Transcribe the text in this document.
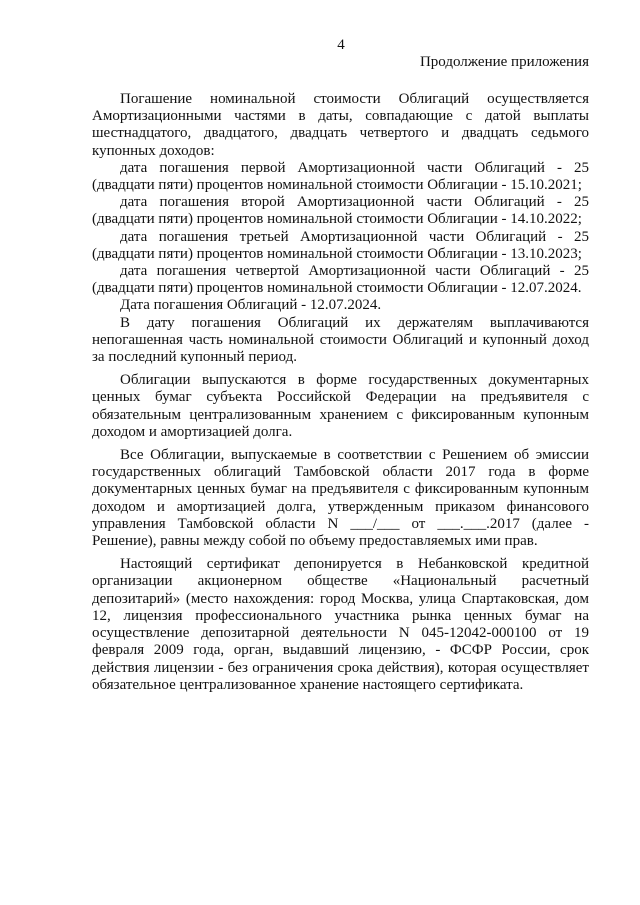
4
Продолжение приложения

Погашение номинальной стоимости Облигаций осуществляется Амортизационными частями в даты, совпадающие с датой выплаты шестнадцатого, двадцатого, двадцать четвертого и двадцать седьмого купонных доходов:

дата погашения первой Амортизационной части Облигаций - 25 (двадцати пяти) процентов номинальной стоимости Облигации - 15.10.2021;

дата погашения второй Амортизационной части Облигаций - 25 (двадцати пяти) процентов номинальной стоимости Облигации - 14.10.2022;

дата погашения третьей Амортизационной части Облигаций - 25 (двадцати пяти) процентов номинальной стоимости Облигации - 13.10.2023;

дата погашения четвертой Амортизационной части Облигаций - 25 (двадцати пяти) процентов номинальной стоимости Облигации - 12.07.2024.

Дата погашения Облигаций - 12.07.2024.

В дату погашения Облигаций их держателям выплачиваются непогашенная часть номинальной стоимости Облигаций и купонный доход за последний купонный период.

Облигации выпускаются в форме государственных документарных ценных бумаг субъекта Российской Федерации на предъявителя с обязательным централизованным хранением с фиксированным купонным доходом и амортизацией долга.

Все Облигации, выпускаемые в соответствии с Решением об эмиссии государственных облигаций Тамбовской области 2017 года в форме документарных ценных бумаг на предъявителя с фиксированным купонным доходом и амортизацией долга, утвержденным приказом финансового управления Тамбовской области N ___/___ от ___.___.2017 (далее - Решение), равны между собой по объему предоставляемых ими прав.

Настоящий сертификат депонируется в Небанковской кредитной организации акционерном обществе «Национальный расчетный депозитарий» (место нахождения: город Москва, улица Спартаковская, дом 12, лицензия профессионального участника рынка ценных бумаг на осуществление депозитарной деятельности N 045-12042-000100 от 19 февраля 2009 года, орган, выдавший лицензию, - ФСФР России, срок действия лицензии - без ограничения срока действия), которая осуществляет обязательное централизованное хранение настоящего сертификата.
